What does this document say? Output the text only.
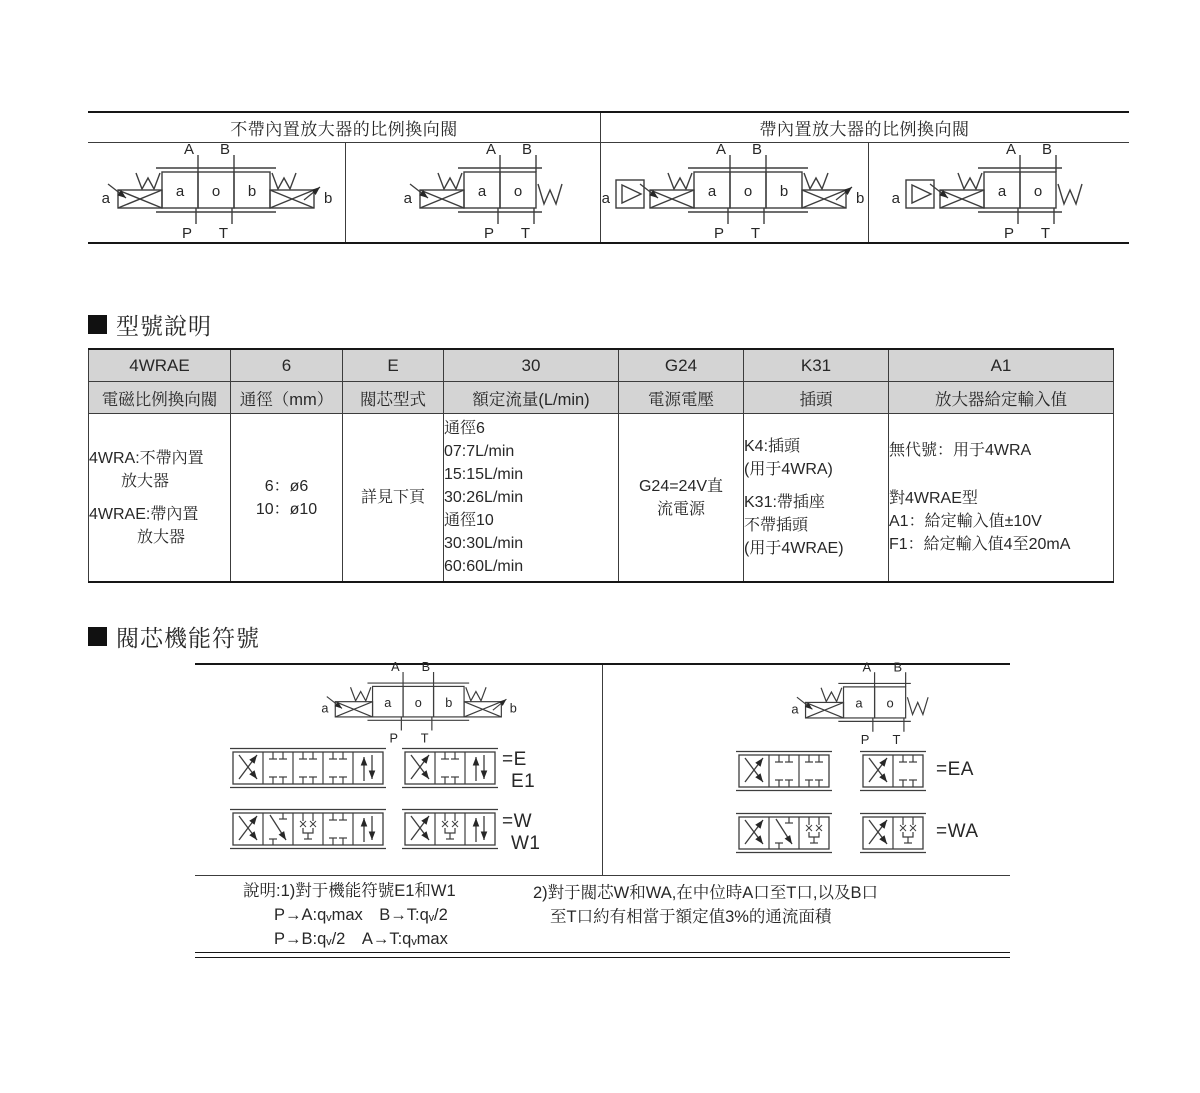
不帶內置放大器的比例換向閥	帶內置放大器的比例換向閥
a o b
A B
P T
a	b	a o
A B
P T
a	a o b
A B
P T
a	b	a o
A B
P T
a
型號說明
4WRAE	6	E	30	G24	K31	A1
電磁比例換向閥	通徑（mm）	閥芯型式	額定流量(L/min)	電源電壓	插頭	放大器給定輸入值

4WRA:不帶內置
　　放大器
4WRAE:帶內置
　　　放大器

6：ø6
10：ø10

詳見下頁

通徑6
07:7L/min
15:15L/min
30:26L/min
通徑10
30:30L/min
60:60L/min

G24=24V直
流電源

K4:插頭
(用于4WRA)
K31:帶插座
不帶插頭
(用于4WRAE)

無代號：用于4WRA
對4WRAE型
A1：給定輸入值±10V
F1：給定輸入值4至20mA
閥芯機能符號
a o b
A B
P T
a	b	a o
A B
P T
a
=E
E1
=W
W1
=EA
=WA
說明:1)對于機能符號E1和W1
P→A:qᵥmax　B→T:qᵥ/2
P→B:qᵥ/2　A→T:qᵥmax
2)對于閥芯W和WA,在中位時A口至T口,以及B口
至T口約有相當于額定值3%的通流面積
